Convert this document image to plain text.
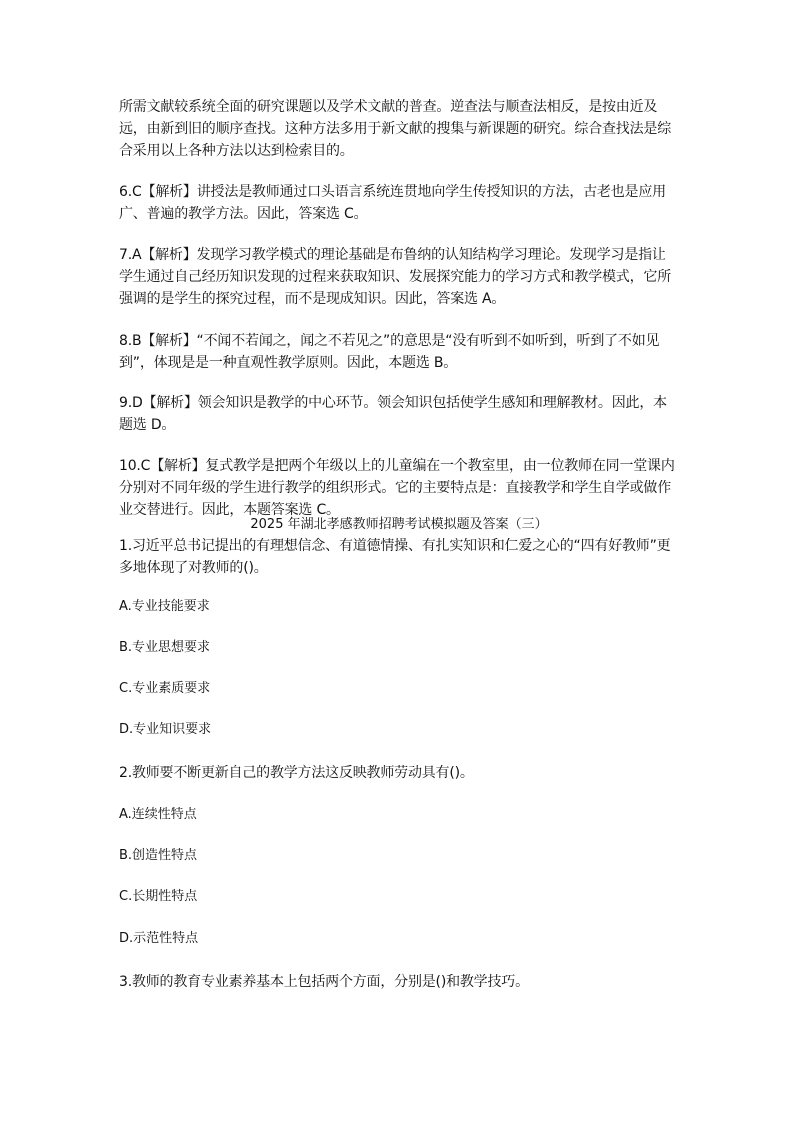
所需文献较系统全面的研究课题以及学术文献的普查。逆查法与顺查法相反，是按由近及远，由新到旧的顺序查找。这种方法多用于新文献的搜集与新课题的研究。综合查找法是综合采用以上各种方法以达到检索目的。

6.C【解析】讲授法是教师通过口头语言系统连贯地向学生传授知识的方法，古老也是应用广、普遍的教学方法。因此，答案选 C。

7.A【解析】发现学习教学模式的理论基础是布鲁纳的认知结构学习理论。发现学习是指让学生通过自己经历知识发现的过程来获取知识、发展探究能力的学习方式和教学模式，它所强调的是学生的探究过程，而不是现成知识。因此，答案选 A。

8.B【解析】“不闻不若闻之，闻之不若见之”的意思是“没有听到不如听到，听到了不如见到”，体现是是一种直观性教学原则。因此，本题选 B。

9.D【解析】领会知识是教学的中心环节。领会知识包括使学生感知和理解教材。因此，本题选 D。

10.C【解析】复式教学是把两个年级以上的儿童编在一个教室里，由一位教师在同一堂课内分别对不同年级的学生进行教学的组织形式。它的主要特点是：直接教学和学生自学或做作业交替进行。因此，本题答案选 C。

2025 年湖北孝感教师招聘考试模拟题及答案（三）

1.习近平总书记提出的有理想信念、有道德情操、有扎实知识和仁爱之心的“四有好教师”更多地体现了对教师的()。

A.专业技能要求

B.专业思想要求

C.专业素质要求

D.专业知识要求

2.教师要不断更新自己的教学方法这反映教师劳动具有()。

A.连续性特点

B.创造性特点

C.长期性特点

D.示范性特点

3.教师的教育专业素养基本上包括两个方面，分别是()和教学技巧。
